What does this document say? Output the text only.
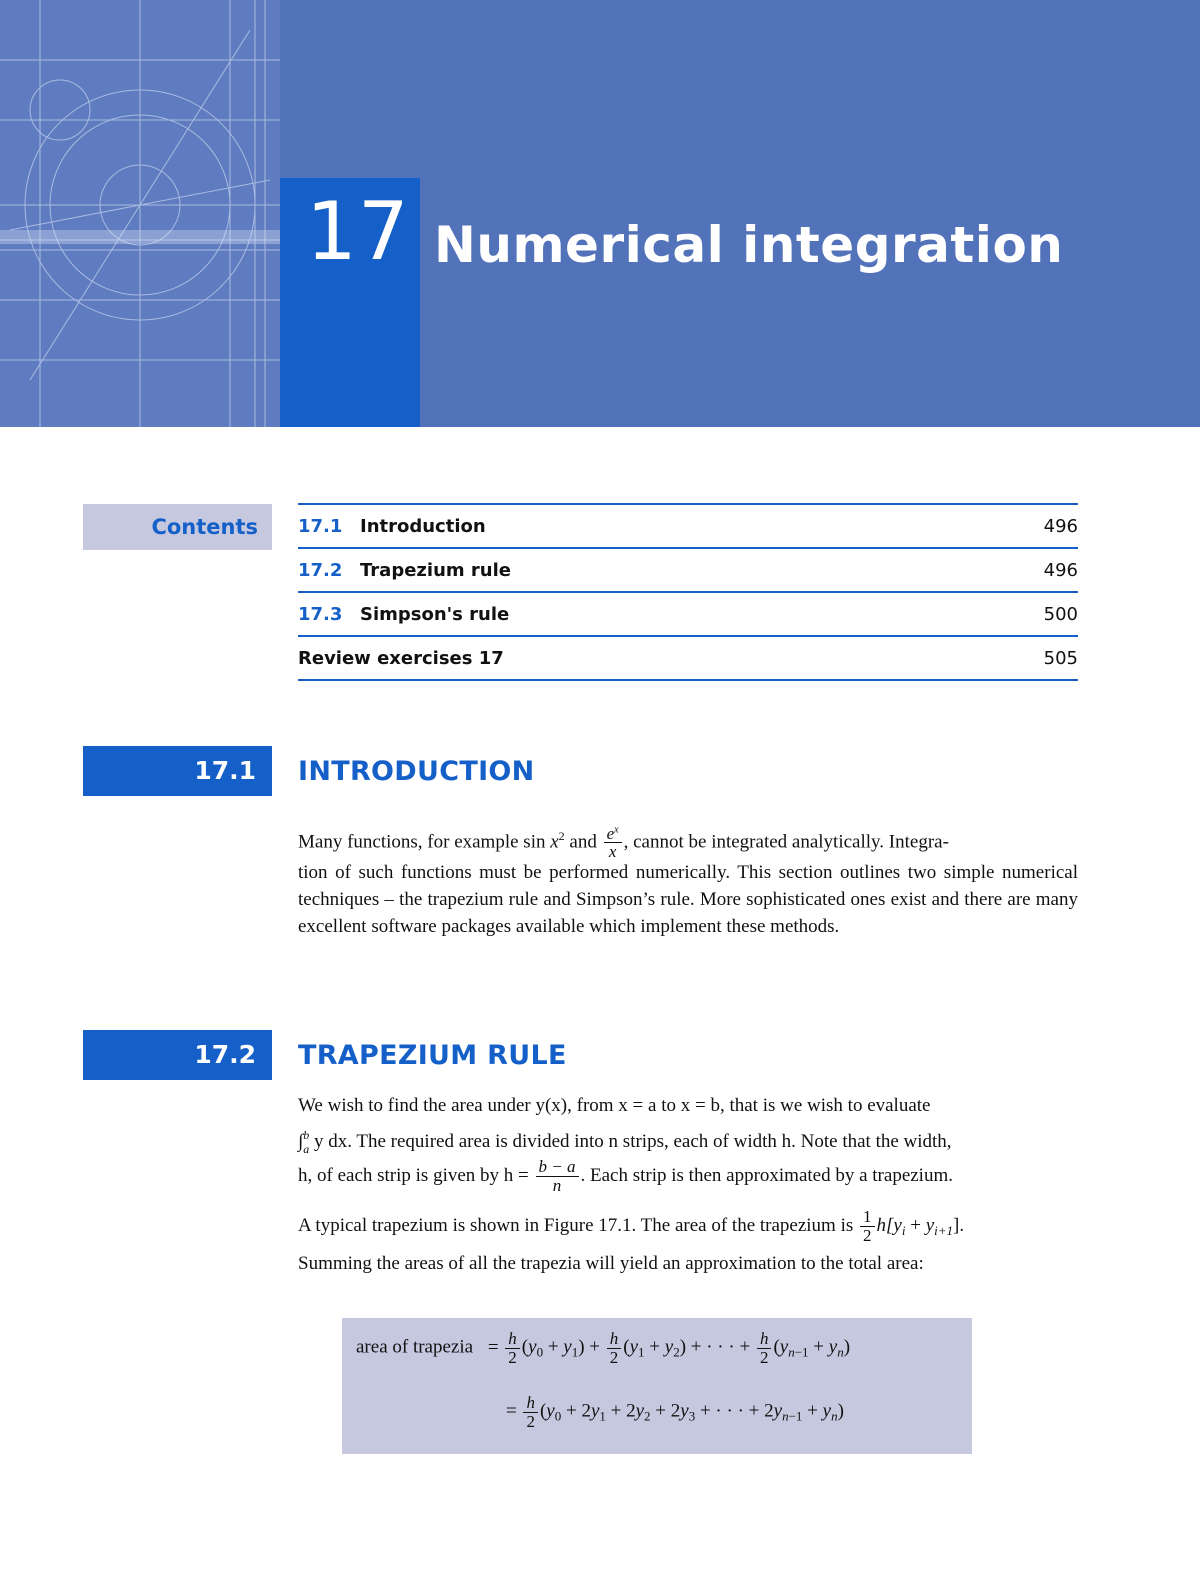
17 Numerical integration
Contents	17.1 Introduction	496
17.2 Trapezium rule	496
17.3 Simpson's rule	500
Review exercises 17	505
17.1	INTRODUCTION
Many functions, for example $\sin x^2$ and $\frac{e^x}{x}$ , cannot be integrated analytically. Integra-
tion of such functions must be performed numerically. This section outlines two simple numerical techniques – the trapezium rule and Simpson’s rule. More sophisticated ones exist and there are many excellent software packages available which implement these methods.
17.2	TRAPEZIUM RULE
We wish to find the area under y(x), from x = a to x = b, that is we wish to evaluate
∫$^b_a$ y dx. The required area is divided into n strips, each of width h. Note that the width,
h, of each strip is given by $h = \frac{b - a}{n}$ . Each strip is then approximated by a trapezium.
A typical trapezium is shown in Figure 17.1. The area of the trapezium is $\frac{1}{2} h[y_i + y_{i+1}]$.
Summing the areas of all the trapezia will yield an approximation to the total area:
area of trapezia = $\frac{h}{2} (y_0 + y_1) + \frac{h}{2} (y_1 + y_2)$ + · · · + $\frac{h}{2} (y_{n-1} + y_n)$
= $\frac{h}{2} (y_0 + 2y_1 + 2y_2 + 2y_3$ + · · · + $2y_{n-1} + y_n$)
